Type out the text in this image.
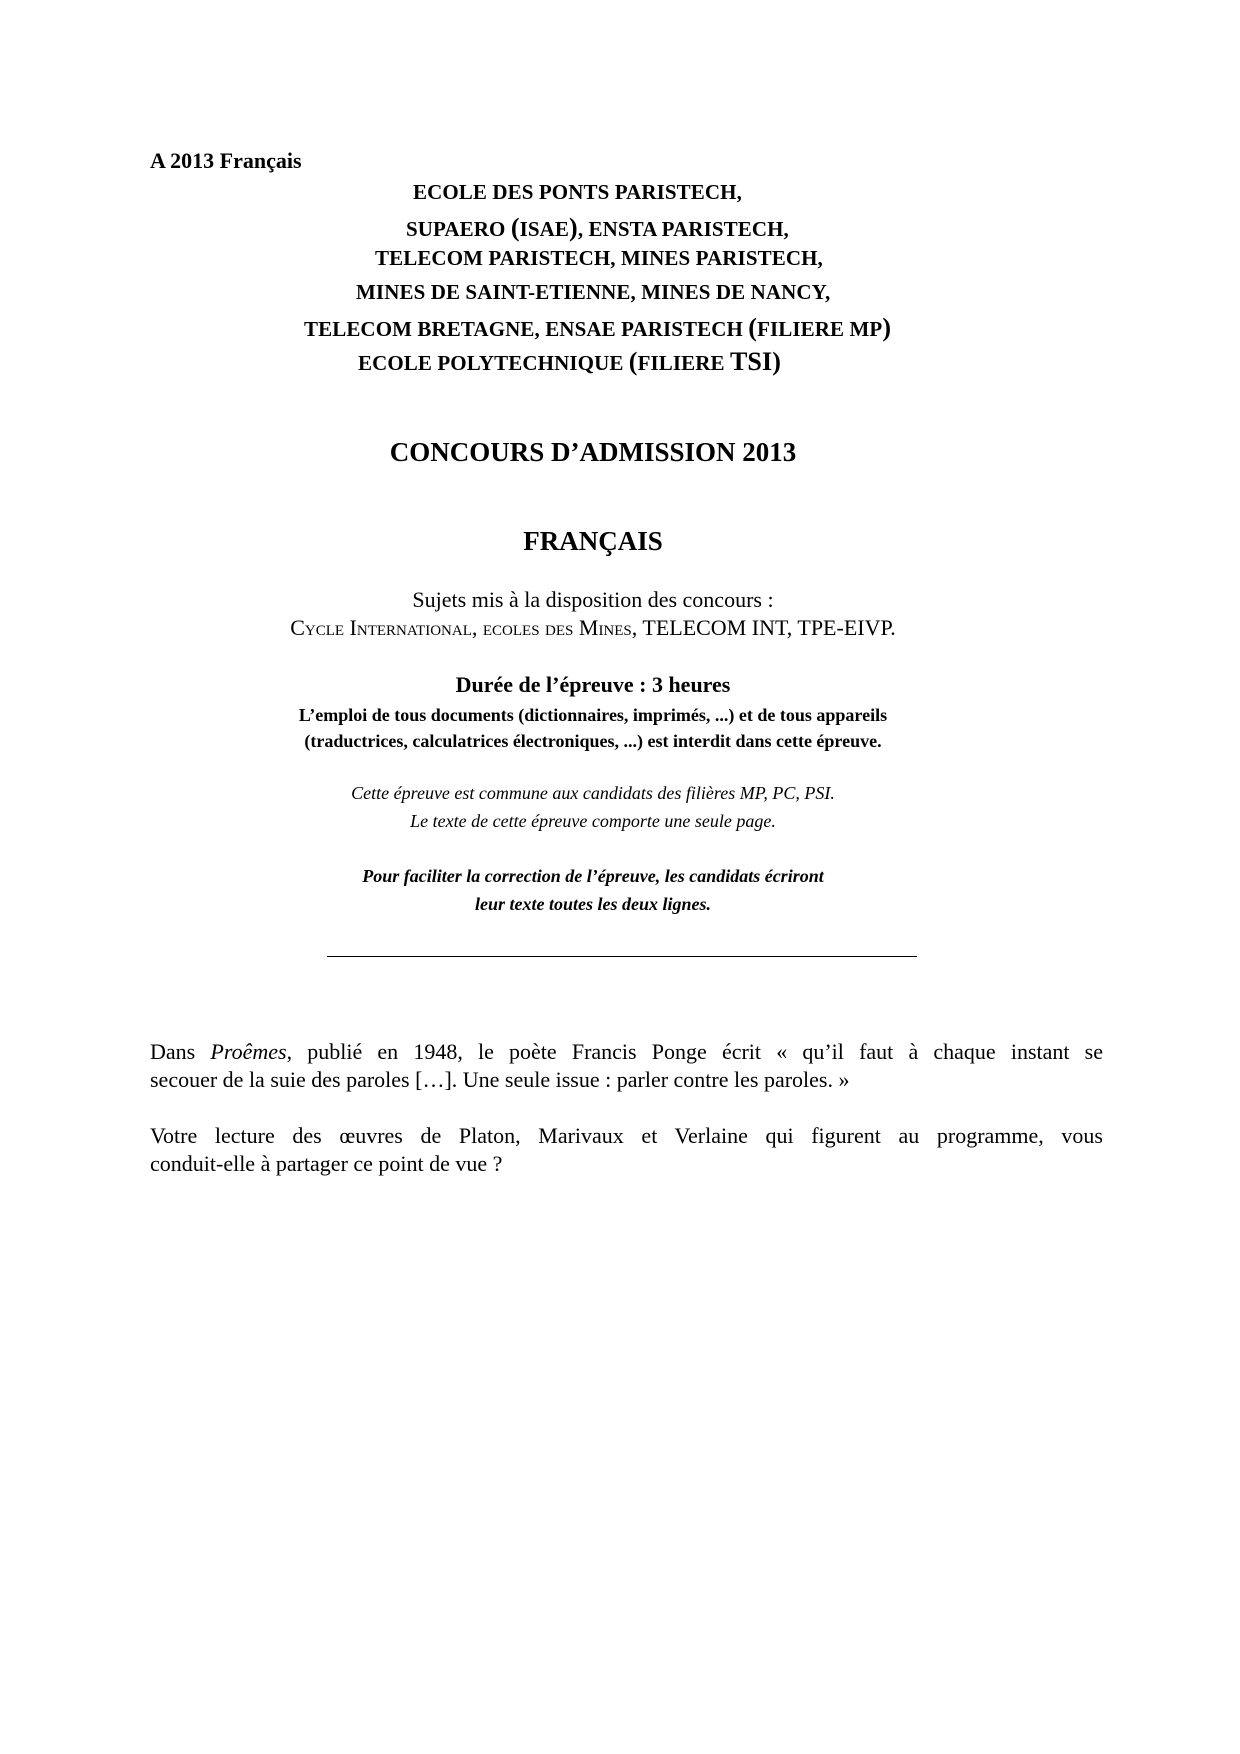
A 2013 Français
ECOLE DES PONTS PARISTECH,
SUPAERO (ISAE), ENSTA PARISTECH,
TELECOM PARISTECH, MINES PARISTECH,
MINES DE SAINT-ETIENNE, MINES DE NANCY,
TELECOM BRETAGNE, ENSAE PARISTECH (FILIERE MP)
ECOLE POLYTECHNIQUE (FILIERE TSI)
CONCOURS D’ADMISSION 2013
FRANÇAIS
Sujets mis à la disposition des concours :
Cycle International, ecoles des Mines, TELECOM INT, TPE-EIVP.
Durée de l’épreuve : 3 heures
L’emploi de tous documents (dictionnaires, imprimés, ...) et de tous appareils
(traductrices, calculatrices électroniques, ...) est interdit dans cette épreuve.
Cette épreuve est commune aux candidats des filières MP, PC, PSI.
Le texte de cette épreuve comporte une seule page.
Pour faciliter la correction de l’épreuve, les candidats écriront
leur texte toutes les deux lignes.
Dans Proêmes, publié en 1948, le poète Francis Ponge écrit « qu’il faut à chaque instant se
secouer de la suie des paroles […]. Une seule issue : parler contre les paroles. »
Votre lecture des œuvres de Platon, Marivaux et Verlaine qui figurent au programme, vous
conduit-elle à partager ce point de vue ?
